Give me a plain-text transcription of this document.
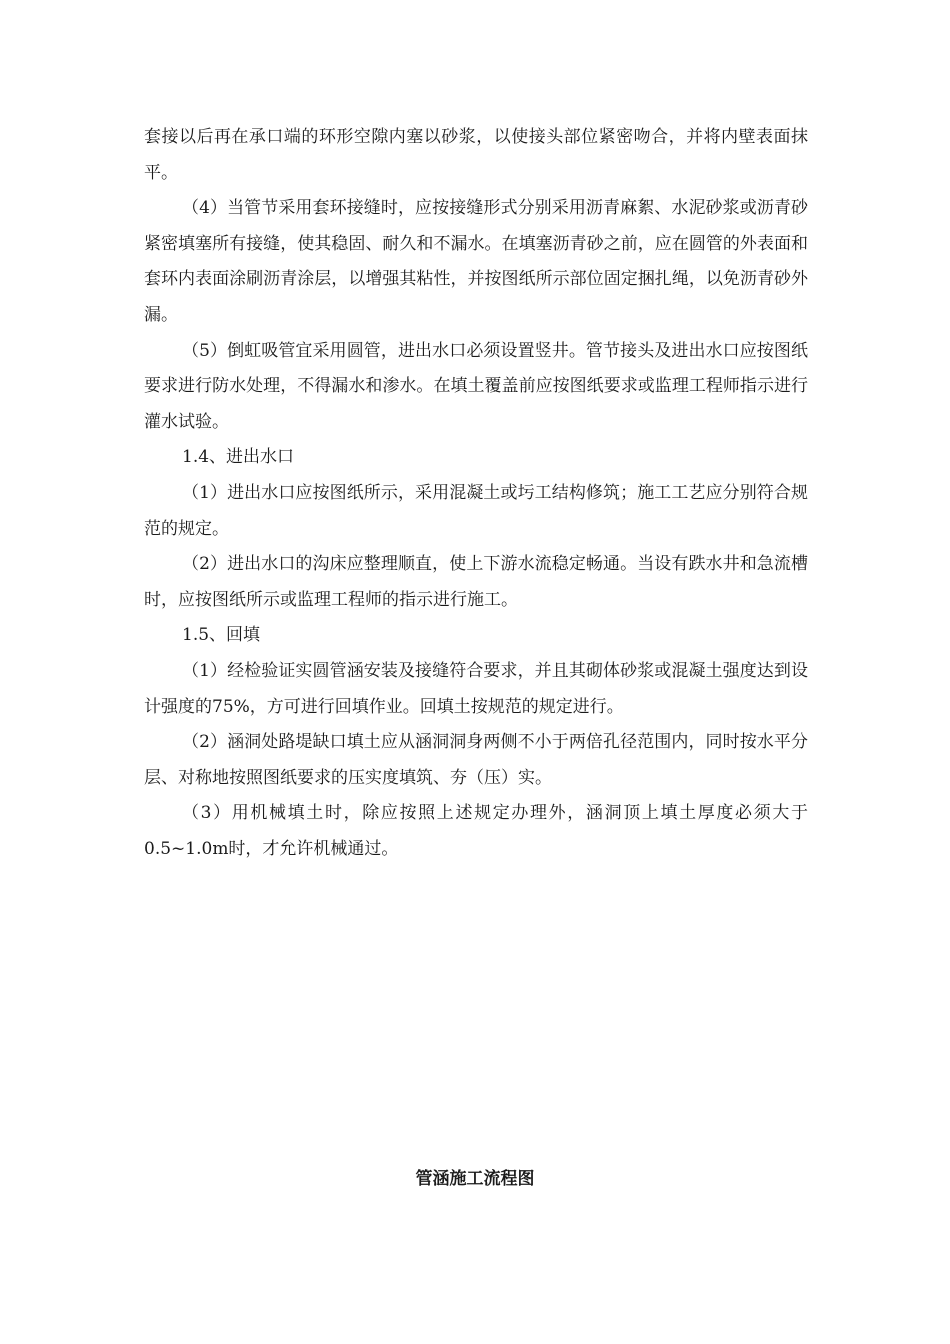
套接以后再在承口端的环形空隙内塞以砂浆，以使接头部位紧密吻合，并将内壁表面抹平。

（4）当管节采用套环接缝时，应按接缝形式分别采用沥青麻絮、水泥砂浆或沥青砂紧密填塞所有接缝，使其稳固、耐久和不漏水。在填塞沥青砂之前，应在圆管的外表面和套环内表面涂刷沥青涂层，以增强其粘性，并按图纸所示部位固定捆扎绳，以免沥青砂外漏。

（5）倒虹吸管宜采用圆管，进出水口必须设置竖井。管节接头及进出水口应按图纸要求进行防水处理，不得漏水和渗水。在填土覆盖前应按图纸要求或监理工程师指示进行灌水试验。

1.4、进出水口

（1）进出水口应按图纸所示，采用混凝土或圬工结构修筑；施工工艺应分别符合规范的规定。

（2）进出水口的沟床应整理顺直，使上下游水流稳定畅通。当设有跌水井和急流槽时，应按图纸所示或监理工程师的指示进行施工。

1.5、回填

（1）经检验证实圆管涵安装及接缝符合要求，并且其砌体砂浆或混凝土强度达到设计强度的75%，方可进行回填作业。回填土按规范的规定进行。

（2）涵洞处路堤缺口填土应从涵洞洞身两侧不小于两倍孔径范围内，同时按水平分层、对称地按照图纸要求的压实度填筑、夯（压）实。

（3）用机械填土时，除应按照上述规定办理外，涵洞顶上填土厚度必须大于0.5~1.0m时，才允许机械通过。

管涵施工流程图
